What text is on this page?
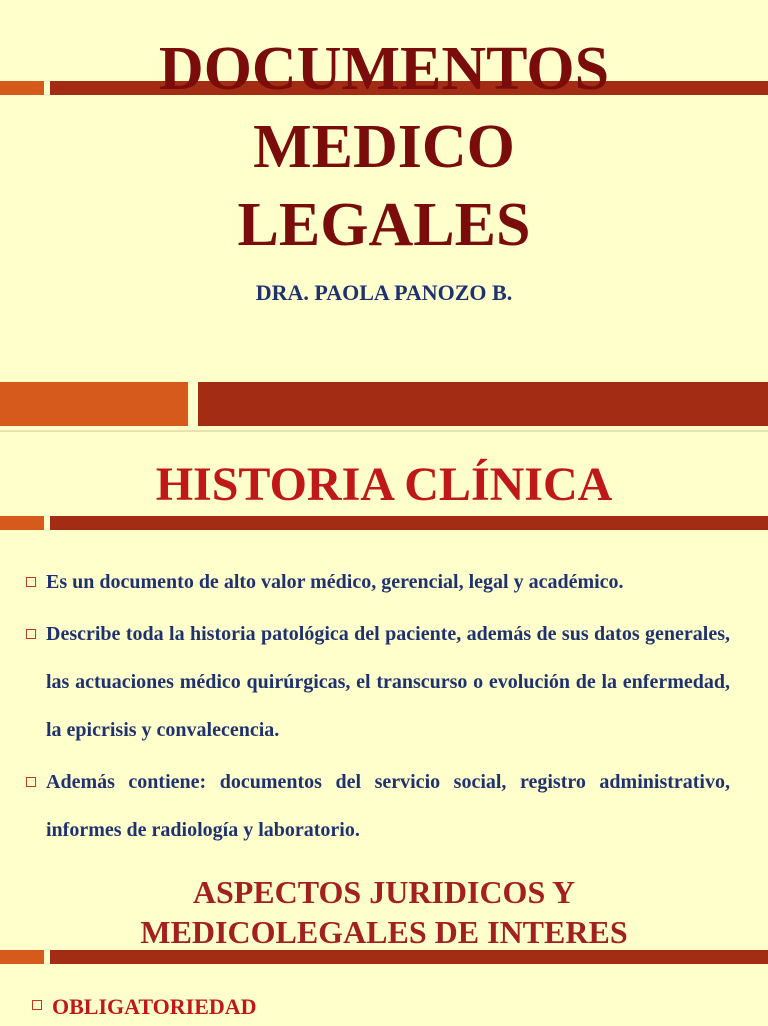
DOCUMENTOS
MEDICO
LEGALES

DRA. PAOLA PANOZO B.

HISTORIA CLÍNICA
Es un documento de alto valor médico, gerencial, legal y académico.
Describe toda la historia patológica del paciente, además de sus datos generales, las actuaciones médico quirúrgicas, el transcurso o evolución de la enfermedad, la epicrisis y convalecencia.
Además contiene: documentos del servicio social, registro administrativo, informes de radiología y laboratorio.
ASPECTOS JURIDICOS Y
MEDICOLEGALES DE INTERES

OBLIGATORIEDAD
